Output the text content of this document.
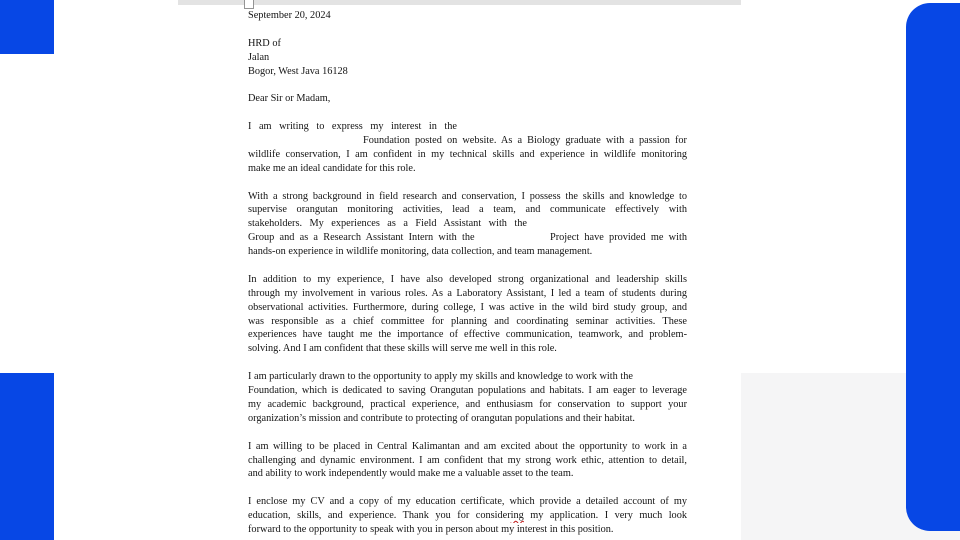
September 20, 2024
HRD of
Jalan
Bogor, West Java 16128
Dear Sir or Madam,
I am writing to express my interest in the
Foundation posted on website. As a Biology graduate with a passion for
wildlife conservation, I am confident in my technical skills and experience in wildlife monitoring
make me an ideal candidate for this role.
With a strong background in field research and conservation, I possess the skills and knowledge to
supervise orangutan monitoring activities, lead a team, and communicate effectively with
stakeholders. My experiences as a Field Assistant with the
Group and as a Research Assistant Intern with the	Project have provided me with
hands-on experience in wildlife monitoring, data collection, and team management.
In addition to my experience, I have also developed strong organizational and leadership skills
through my involvement in various roles. As a Laboratory Assistant, I led a team of students during
observational activities. Furthermore, during college, I was active in the wild bird study group, and
was responsible as a chief committee for planning and coordinating seminar activities. These
experiences have taught me the importance of effective communication, teamwork, and problem-
solving. And I am confident that these skills will serve me well in this role.
I am particularly drawn to the opportunity to apply my skills and knowledge to work with the
Foundation, which is dedicated to saving Orangutan populations and habitats. I am eager to leverage
my academic background, practical experience, and enthusiasm for conservation to support your
organization’s mission and contribute to protecting of orangutan populations and their habitat.
I am willing to be placed in Central Kalimantan and am excited about the opportunity to work in a
challenging and dynamic environment. I am confident that my strong work ethic, attention to detail,
and ability to work independently would make me a valuable asset to the team.
I enclose my CV and a copy of my education certificate, which provide a detailed account of my
education, skills, and experience. Thank you for considering my application. I very much look
forward to the opportunity to speak with you in person about my interest in this position.
